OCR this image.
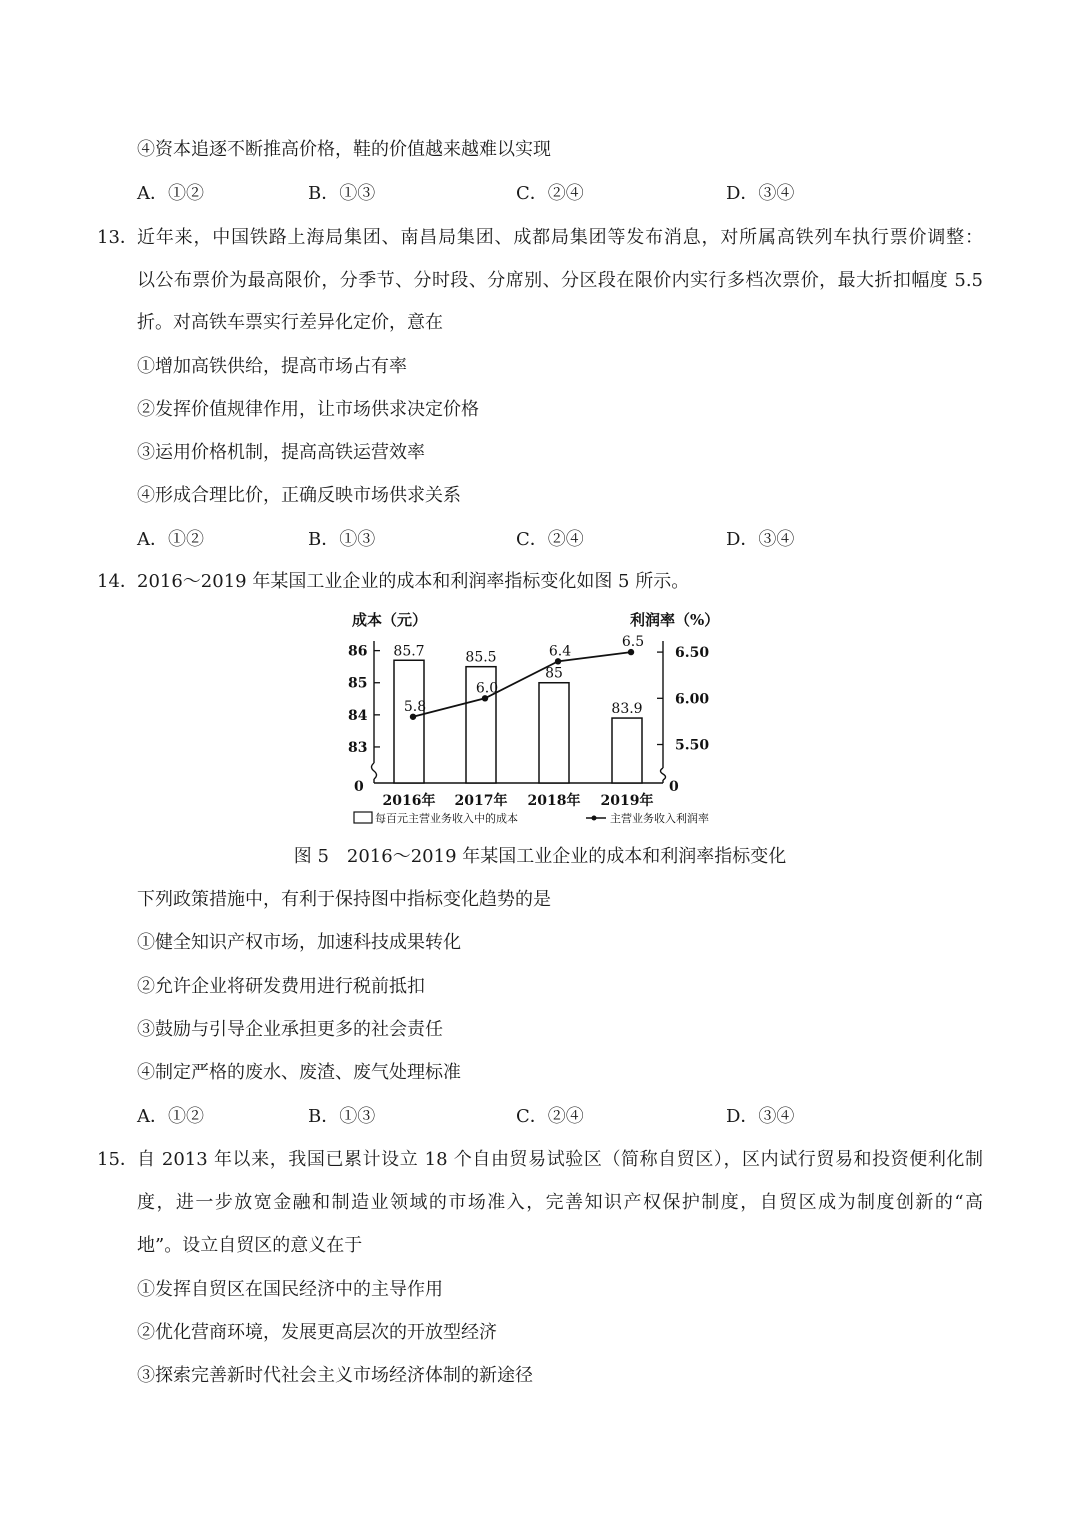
④资本追逐不断推高价格，鞋的价值越来越难以实现
A．①②	B．①③	C．②④	D．③④
13． 近年来，中国铁路上海局集团、南昌局集团、成都局集团等发布消息，对所属高铁列车执行票价调整：
以公布票价为最高限价，分季节、分时段、分席别、分区段在限价内实行多档次票价，最大折扣幅度 5.5
折。对高铁车票实行差异化定价，意在
①增加高铁供给，提高市场占有率
②发挥价值规律作用，让市场供求决定价格
③运用价格机制，提高高铁运营效率
④形成合理比价，正确反映市场供求关系
A．①②	B．①③	C．②④	D．③④
14． 2016～2019 年某国工业企业的成本和利润率指标变化如图 5 所示。
成本（元）	利润率（%）
0	0
86
85
84
83
6.50
6.00
5.50
85.7	85.5
85
83.9
2016年 2017年 2018年 2019年
5.8
6.0
6.4
6.5
每百元主营业务收入中的成本	主营业务收入利润率
图 5　2016～2019 年某国工业企业的成本和利润率指标变化
下列政策措施中，有利于保持图中指标变化趋势的是
①健全知识产权市场，加速科技成果转化
②允许企业将研发费用进行税前抵扣
③鼓励与引导企业承担更多的社会责任
④制定严格的废水、废渣、废气处理标准
A．①②	B．①③	C．②④	D．③④
15． 自 2013 年以来，我国已累计设立 18 个自由贸易试验区（简称自贸区），区内试行贸易和投资便利化制
度，进一步放宽金融和制造业领域的市场准入，完善知识产权保护制度，自贸区成为制度创新的“高
地”。设立自贸区的意义在于
①发挥自贸区在国民经济中的主导作用
②优化营商环境，发展更高层次的开放型经济
③探索完善新时代社会主义市场经济体制的新途径
